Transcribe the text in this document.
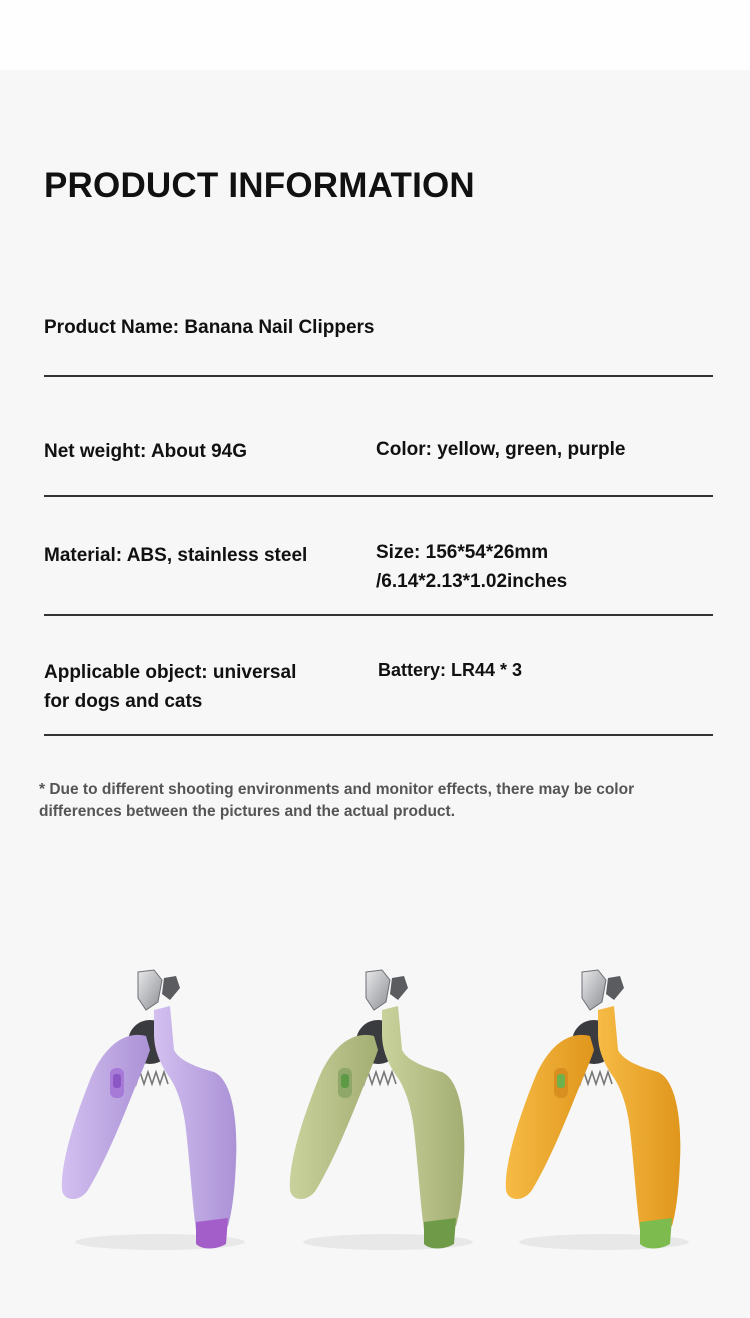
PRODUCT INFORMATION
Product Name: Banana Nail Clippers
Net weight: About 94G	Color: yellow, green, purple
Material: ABS, stainless steel	Size: 156*54*26mm
/6.14*2.13*1.02inches
Applicable object: universal
for dogs and cats
Battery: LR44 * 3
* Due to different shooting environments and monitor effects, there may be color differences between the pictures and the actual product.
